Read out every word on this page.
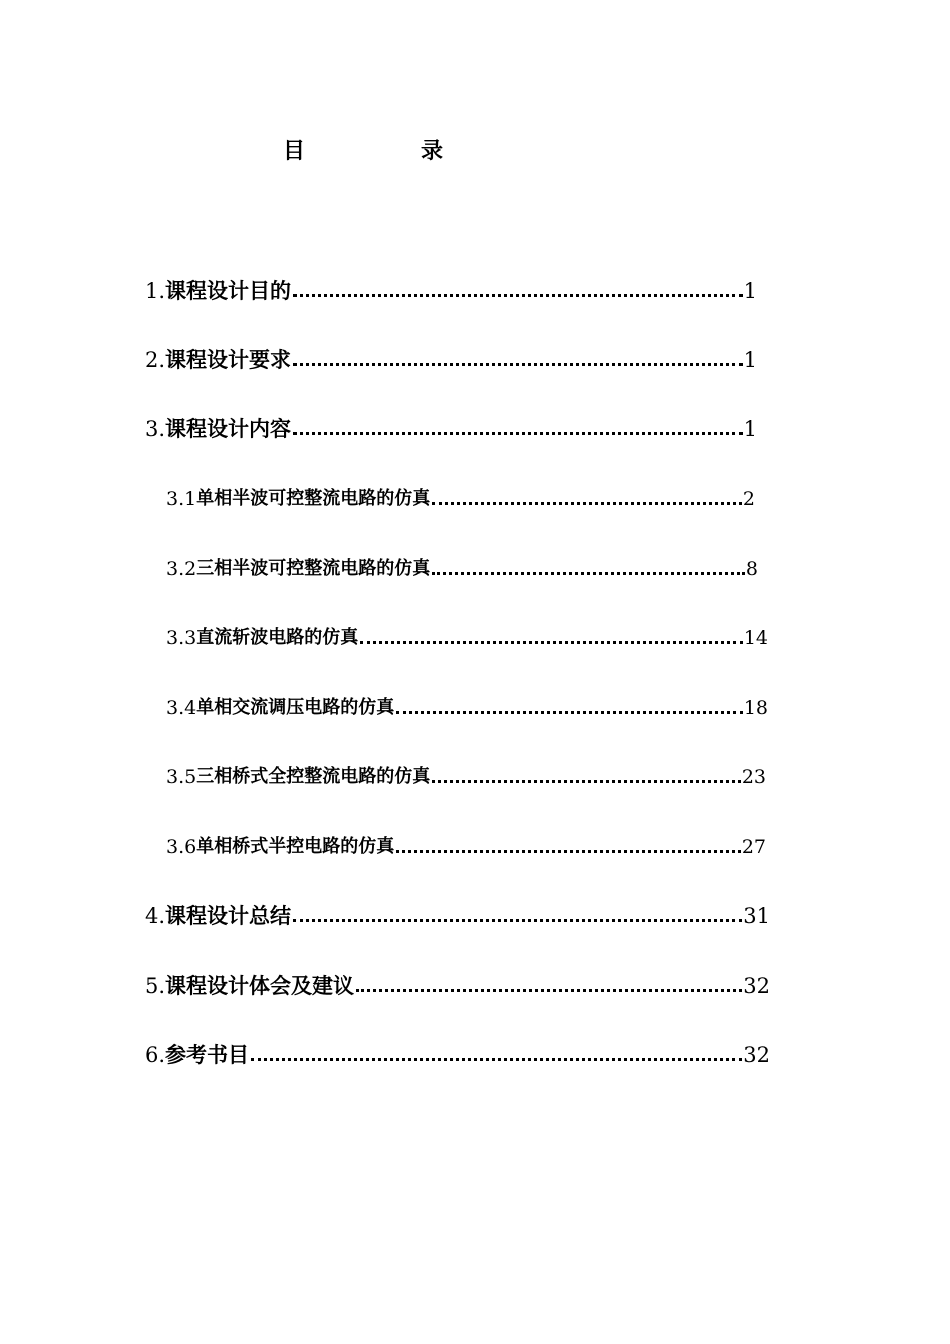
目	录
1. 课程设计目的	1
2. 课程设计要求	1
3. 课程设计内容	1
3.1 单相半波可控整流电路的仿真	2
3.2 三相半波可控整流电路的仿真	8
3.3 直流斩波电路的仿真	14
3.4 单相交流调压电路的仿真	18
3.5 三相桥式全控整流电路的仿真	23
3.6 单相桥式半控电路的仿真	27
4. 课程设计总结	31
5. 课程设计体会及建议	32
6. 参考书目	32
